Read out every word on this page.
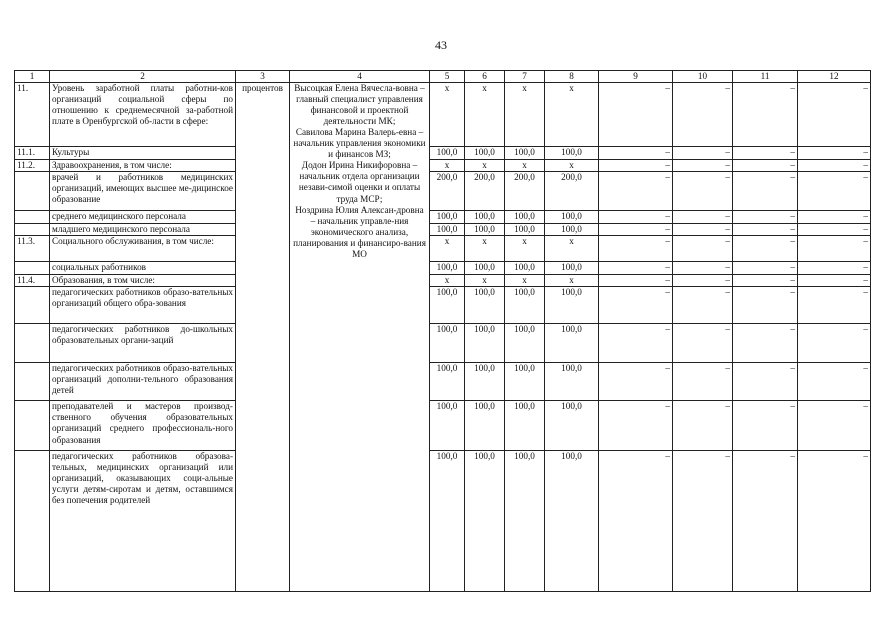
43
1	2	3	4	5	6	7	8	9	10	11	12
11.	Уровень заработной платы работни-ков организаций социальной сферы по отношению к среднемесячной за-работной плате в Оренбургской об-ласти в сфере:	процентов	Высоцкая Елена Вячесла-вовна – главный специалист управления финансовой и проектной деятельности МК;
Савилова Марина Валерь-евна – начальник управления экономики и финансов МЗ;
Додон Ирина Никифоровна – начальник отдела организации незави-симой оценки и оплаты труда МСР;
Ноздрина Юлия Алексан-дровна – начальник управле-ния экономического анализа, планирования и финансиро-вания МО	х	х	х	х	–	–	–	–
11.1.	Культуры			100,0	100,0	100,0	100,0	–	–	–	–
11.2.	Здравоохранения, в том числе:			х	х	х	х	–	–	–	–
	врачей и работников медицинских организаций, имеющих высшее ме-дицинское образование			200,0	200,0	200,0	200,0	–	–	–	–
	среднего медицинского персонала			100,0	100,0	100,0	100,0	–	–	–	–
	младшего медицинского персонала			100,0	100,0	100,0	100,0	–	–	–	–
11.3.	Социального обслуживания, в том числе:			х	х	х	х	–	–	–	–
	социальных работников			100,0	100,0	100,0	100,0	–	–	–	–
11.4.	Образования, в том числе:			х	х	х	х	–	–	–	–
	педагогических работников образо-вательных организаций общего обра-зования			100,0	100,0	100,0	100,0	–	–	–	–
	педагогических работников до-школьных образовательных органи-заций			100,0	100,0	100,0	100,0	–	–	–	–
	педагогических работников образо-вательных организаций дополни-тельного образования детей			100,0	100,0	100,0	100,0	–	–	–	–
	преподавателей и мастеров производ-ственного обучения образовательных организаций среднего профессиональ-ного образования			100,0	100,0	100,0	100,0	–	–	–	–
	педагогических работников образова-тельных, медицинских организаций или организаций, оказывающих соци-альные услуги детям-сиротам и детям, оставшимся без попечения родителей			100,0	100,0	100,0	100,0	–	–	–	–
